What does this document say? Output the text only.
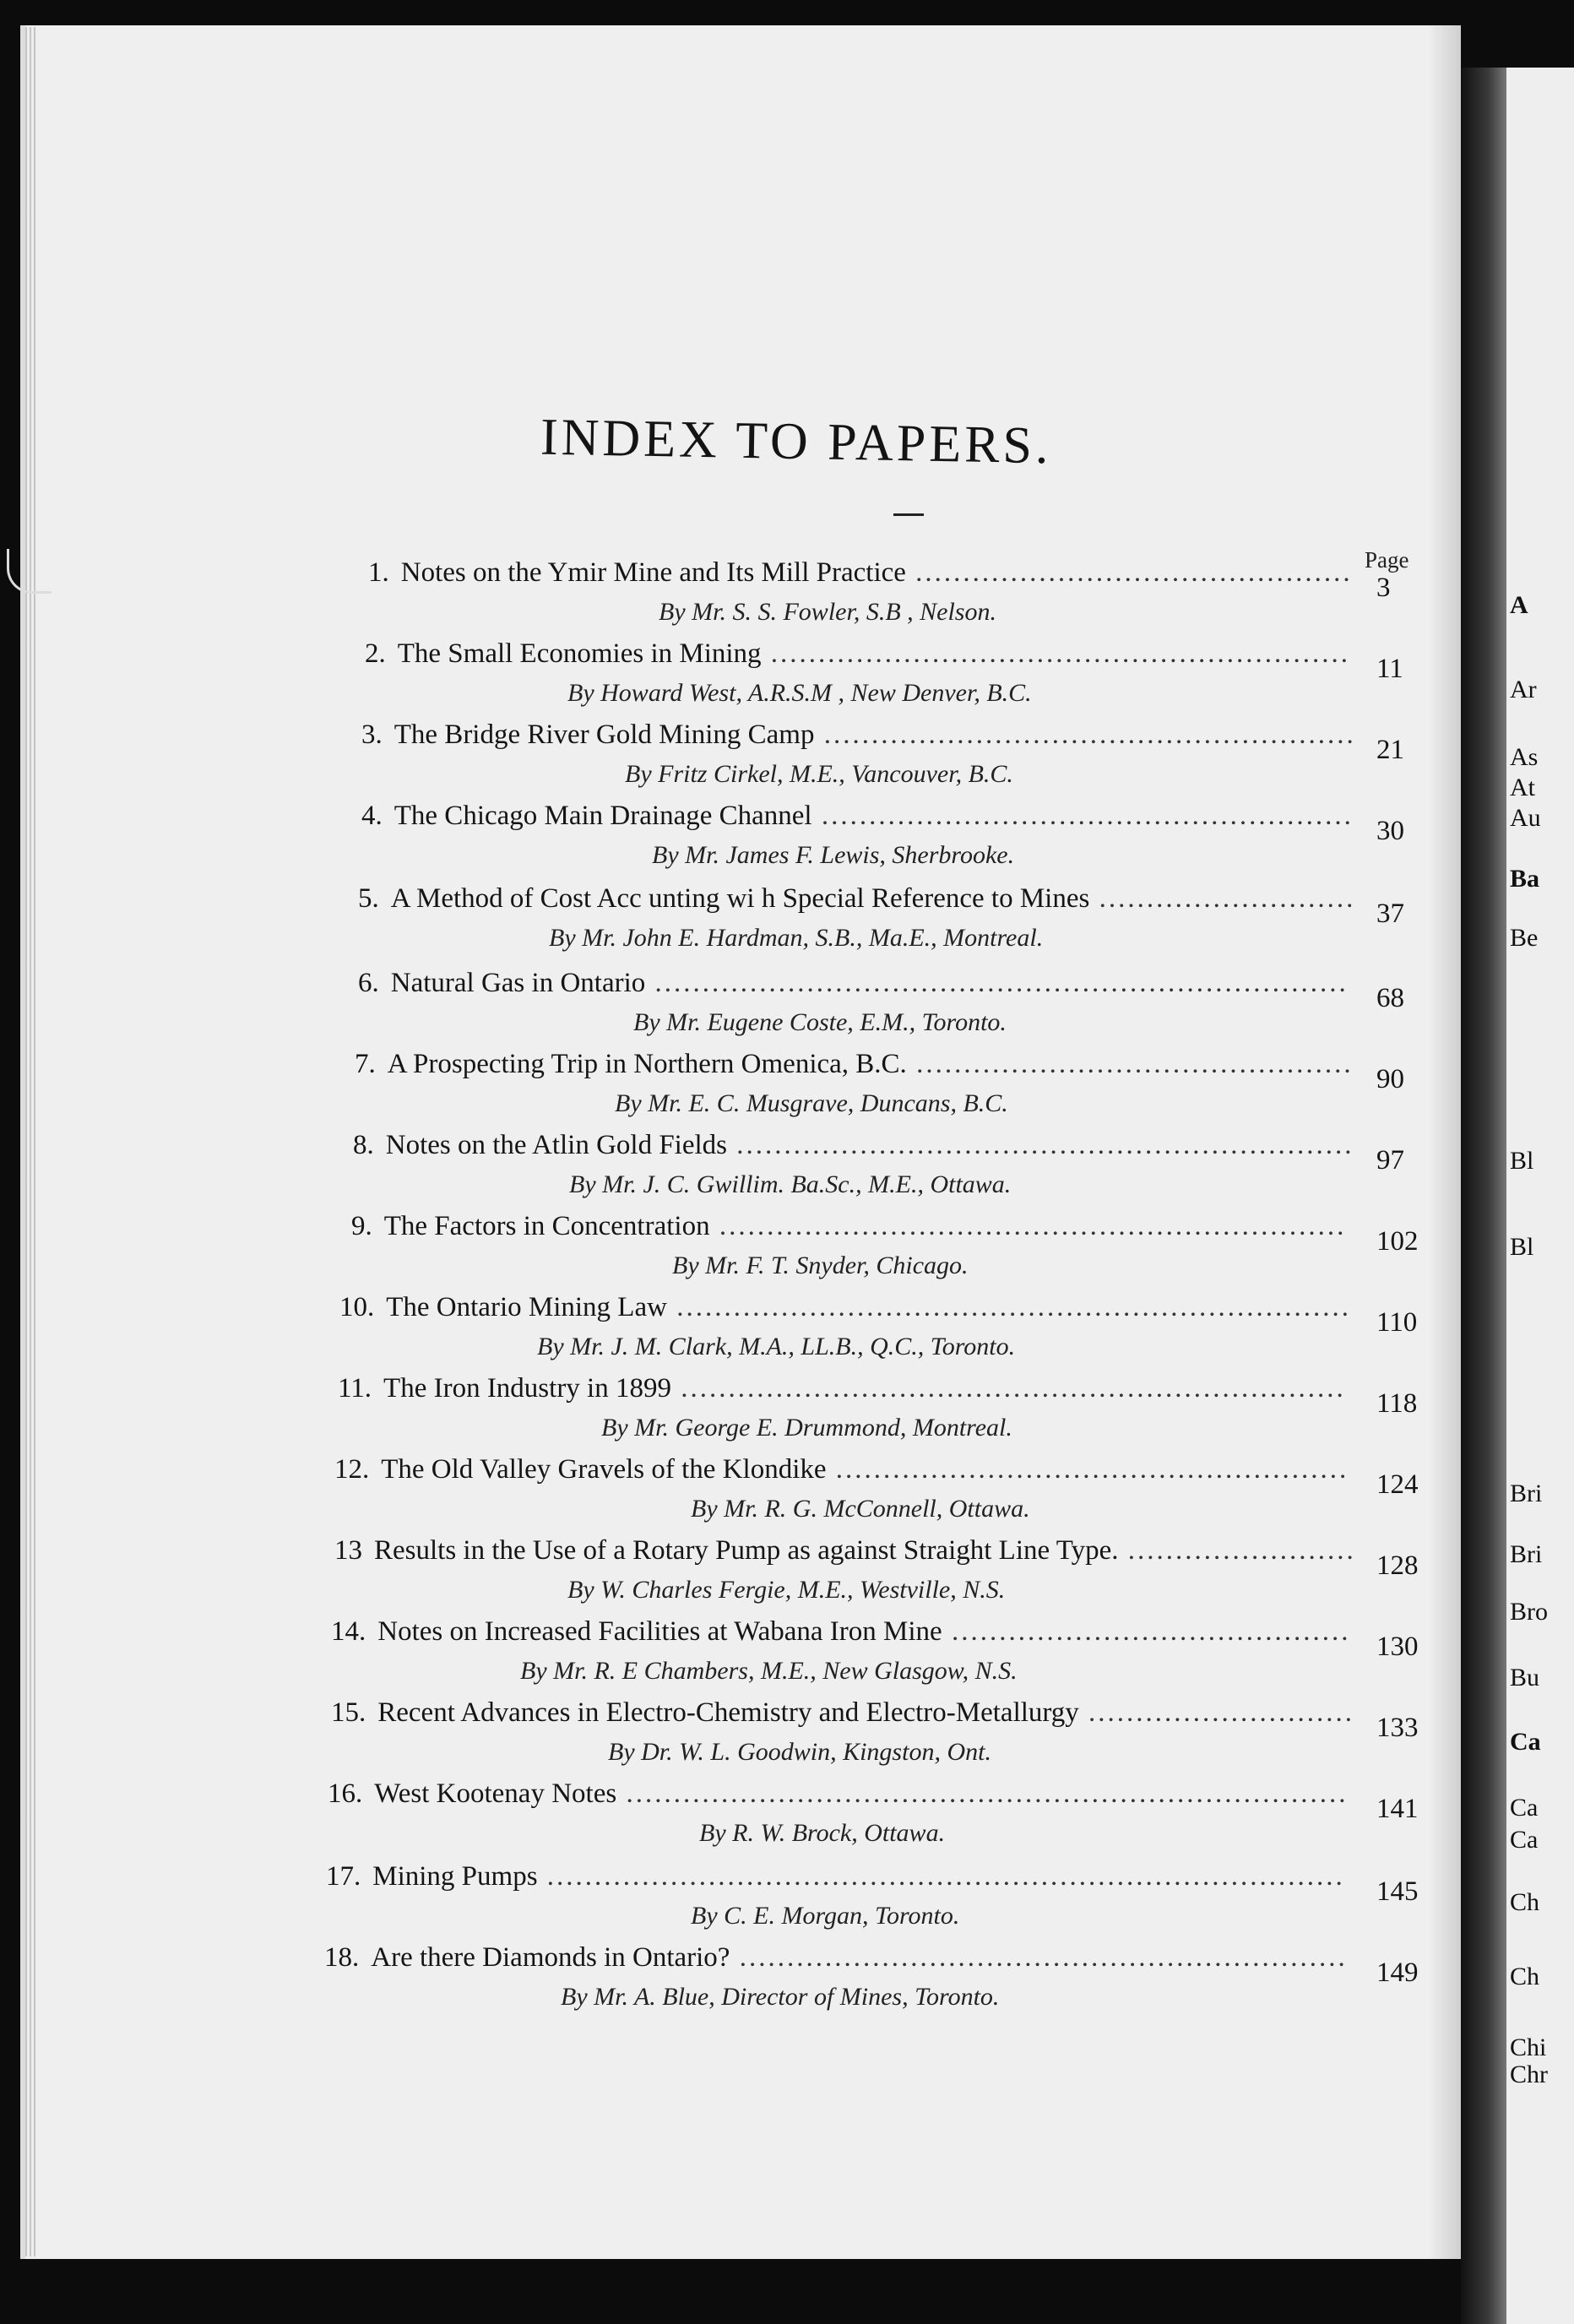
A
Ar
As
At
Au
Ba
Be
Bl
Bl
Bri
Bri
Bro
Bu
Ca
Ca
Ca
Ch
Ch
Chi
Chr
INDEX TO PAPERS.
Page
1. Notes on the Ymir Mine and Its Mill Practice .............................................. 3
By Mr. S. S. Fowler, S.B , Nelson.
2. The Small Economies in Mining ............................................................. 11
By Howard West, A.R.S.M , New Denver, B.C.
3. The Bridge River Gold Mining Camp ........................................................ 21
By Fritz Cirkel, M.E., Vancouver, B.C.
4. The Chicago Main Drainage Channel ........................................................ 30
By Mr. James F. Lewis, Sherbrooke.
5. A Method of Cost Acc unting wi h Special Reference to Mines ........................... 37
By Mr. John E. Hardman, S.B., Ma.E., Montreal.
6. Natural Gas in Ontario ......................................................................... 68
By Mr. Eugene Coste, E.M., Toronto.
7. A Prospecting Trip in Northern Omenica, B.C. .............................................. 90
By Mr. E. C. Musgrave, Duncans, B.C.
8. Notes on the Atlin Gold Fields ................................................................. 97
By Mr. J. C. Gwillim. Ba.Sc., M.E., Ottawa.
9. The Factors in Concentration .................................................................. 102
By Mr. F. T. Snyder, Chicago.
10. The Ontario Mining Law ....................................................................... 110
By Mr. J. M. Clark, M.A., LL.B., Q.C., Toronto.
11. The Iron Industry in 1899 ...................................................................... 118
By Mr. George E. Drummond, Montreal.
12. The Old Valley Gravels of the Klondike ...................................................... 124
By Mr. R. G. McConnell, Ottawa.
13 Results in the Use of a Rotary Pump as against Straight Line Type. ........................ 128
By W. Charles Fergie, M.E., Westville, N.S.
14. Notes on Increased Facilities at Wabana Iron Mine .......................................... 130
By Mr. R. E Chambers, M.E., New Glasgow, N.S.
15. Recent Advances in Electro-Chemistry and Electro-Metallurgy ............................ 133
By Dr. W. L. Goodwin, Kingston, Ont.
16. West Kootenay Notes ............................................................................ 141
By R. W. Brock, Ottawa.
17. Mining Pumps .................................................................................... 145
By C. E. Morgan, Toronto.
18. Are there Diamonds in Ontario? ................................................................ 149
By Mr. A. Blue, Director of Mines, Toronto.
